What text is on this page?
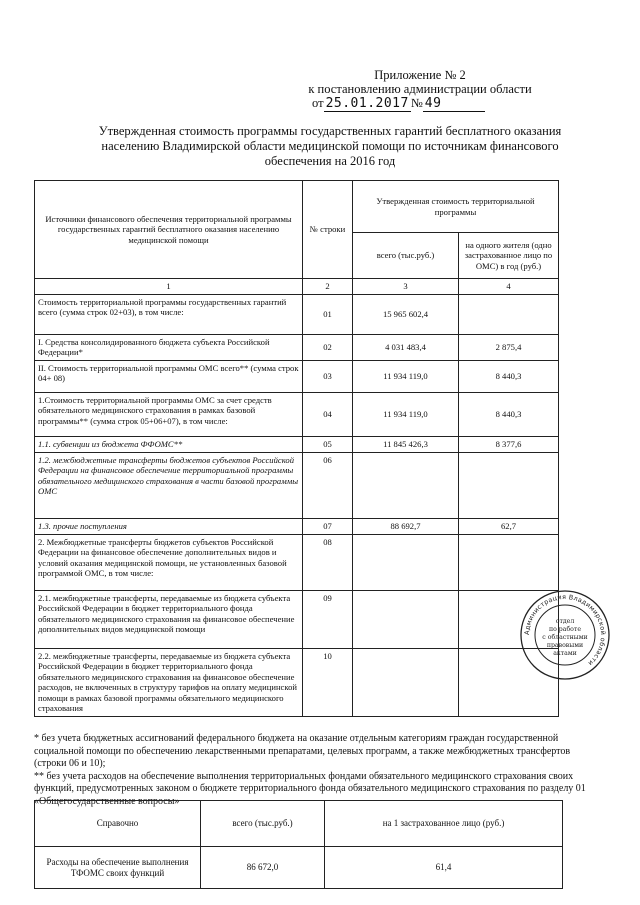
Приложение № 2
к постановлению администрации области
от 25.01.2017 № 49
Утвержденная стоимость программы государственных гарантий бесплатного оказания населению Владимирской области медицинской помощи по источникам финансового обеспечения на 2016 год
Источники финансового обеспечения территориальной программы государственных гарантий бесплатного оказания населению медицинской помощи	№ строки	Утвержденная стоимость территориальной программы	
		всего (тыс.руб.)	на одного жителя (одно застрахованное лицо по ОМС) в год (руб.)
1	2	3	4
Стоимость территориальной программы государственных гарантий всего (сумма строк 02+03), в том числе:	01	15 965 602,4	
I. Средства консолидированного бюджета субъекта Российской Федерации*	02	4 031 483,4	2 875,4
II. Стоимость территориальной программы ОМС всего** (сумма строк 04+ 08)	03	11 934 119,0	8 440,3
1.Стоимость территориальной программы ОМС за счет средств обязательного медицинского страхования в рамках базовой программы** (сумма строк 05+06+07), в том числе:	04	11 934 119,0	8 440,3
1.1. субвенции из бюджета ФФОМС**	05	11 845 426,3	8 377,6
1.2. межбюджетные трансферты бюджетов субъектов Российской Федерации на финансовое обеспечение территориальной программы обязательного медицинского страхования в части базовой программы ОМС	06		
1.3. прочие поступления	07	88 692,7	62,7
2. Межбюджетные трансферты бюджетов субъектов Российской Федерации на финансовое обеспечение дополнительных видов и условий оказания медицинской помощи, не установленных базовой программой ОМС, в том числе:	08		
2.1. межбюджетные трансферты, передаваемые из бюджета субъекта Российской Федерации в бюджет территориального фонда обязательного медицинского страхования на финансовое обеспечение дополнительных видов медицинской помощи	09		
2.2. межбюджетные трансферты, передаваемые из бюджета субъекта Российской Федерации в бюджет территориального фонда обязательного медицинского страхования на финансовое обеспечение расходов, не включенных в структуру тарифов на оплату медицинской помощи в рамках базовой программы обязательного медицинского страхования	10		
Администрация Владимирской области
отдел
по работе
с областными
правовыми
актами

* без учета бюджетных ассигнований федерального бюджета на оказание отдельным категориям граждан государственной социальной помощи по обеспечению лекарственными препаратами, целевых программ, а также межбюджетных трансфертов (строки 06 и 10);

** без учета расходов на обеспечение выполнения территориальных фондами обязательного медицинского страхования своих функций, предусмотренных законом о бюджете территориального фонда обязательного медицинского страхования по разделу 01 «Общегосударственные вопросы»

Справочно	всего (тыс.руб.)	на 1 застрахованное лицо (руб.)
Расходы на обеспечение выполнения ТФОМС своих функций	86 672,0	61,4
